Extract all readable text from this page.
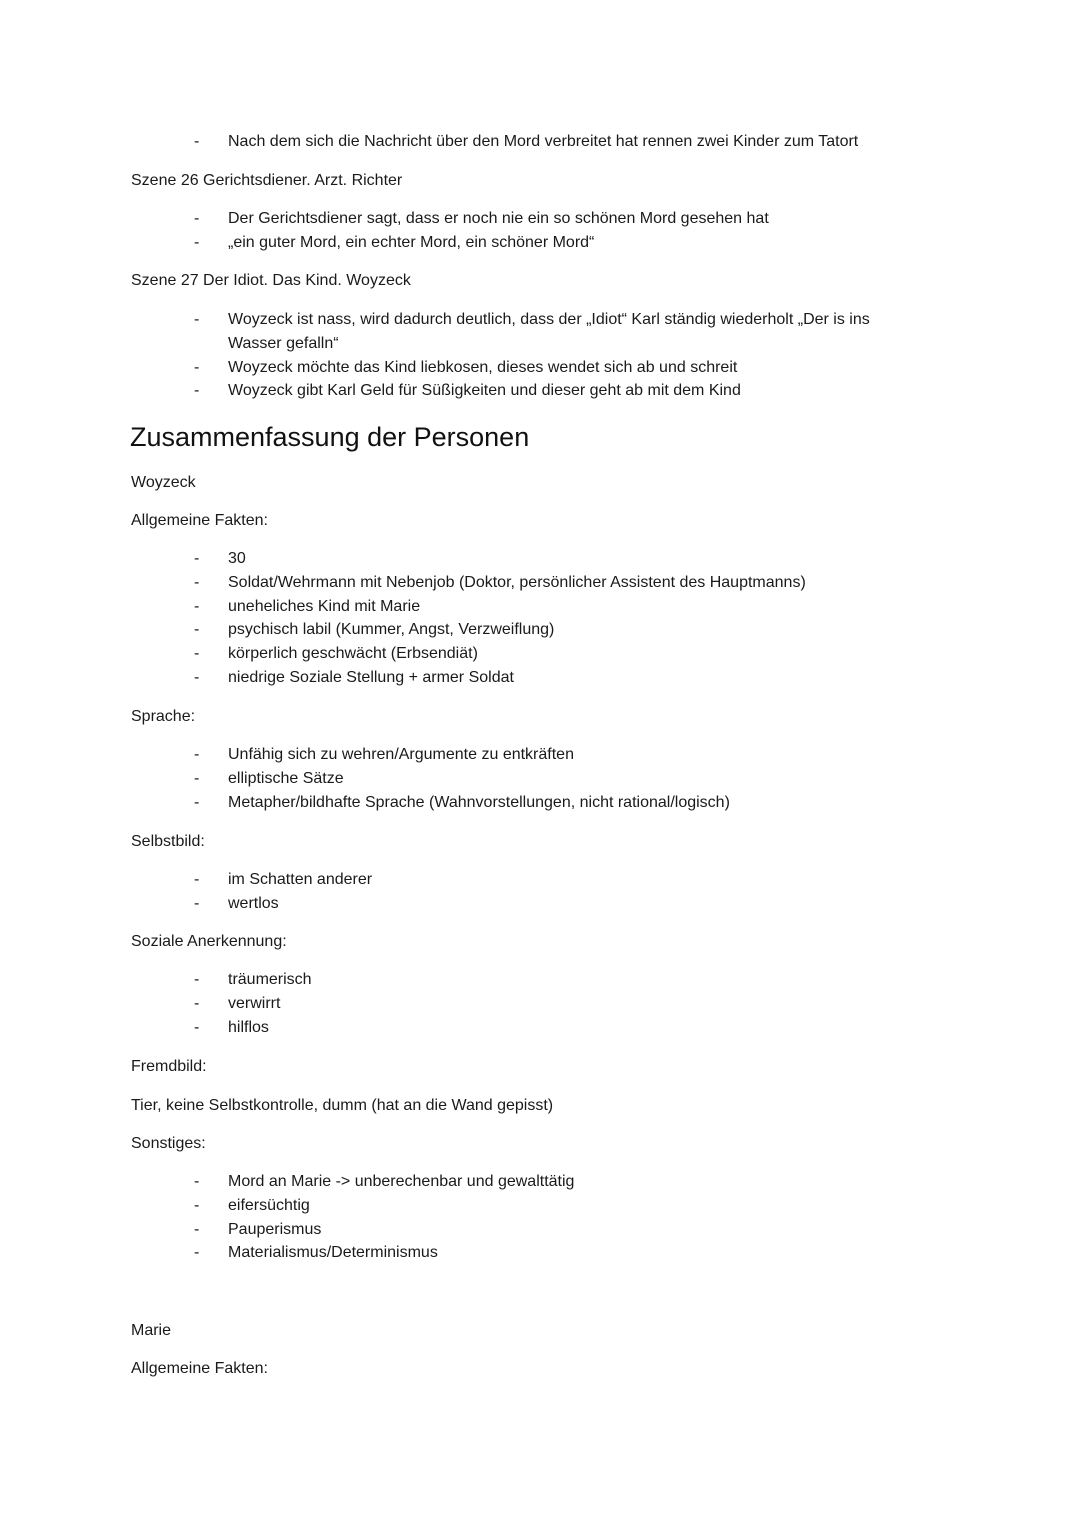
- Nach dem sich die Nachricht über den Mord verbreitet hat rennen zwei Kinder zum Tatort
Szene 26 Gerichtsdiener. Arzt. Richter
- Der Gerichtsdiener sagt, dass er noch nie ein so schönen Mord gesehen hat
- „ein guter Mord, ein echter Mord, ein schöner Mord“
Szene 27 Der Idiot. Das Kind. Woyzeck
- Woyzeck ist nass, wird dadurch deutlich, dass der „Idiot“ Karl ständig wiederholt „Der is ins Wasser gefalln“
- Woyzeck möchte das Kind liebkosen, dieses wendet sich ab und schreit
- Woyzeck gibt Karl Geld für Süßigkeiten und dieser geht ab mit dem Kind
Zusammenfassung der Personen
Woyzeck
Allgemeine Fakten:
- 30
- Soldat/Wehrmann mit Nebenjob (Doktor, persönlicher Assistent des Hauptmanns)
- uneheliches Kind mit Marie
- psychisch labil (Kummer, Angst, Verzweiflung)
- körperlich geschwächt (Erbsendiät)
- niedrige Soziale Stellung + armer Soldat
Sprache:
- Unfähig sich zu wehren/Argumente zu entkräften
- elliptische Sätze
- Metapher/bildhafte Sprache (Wahnvorstellungen, nicht rational/logisch)
Selbstbild:
- im Schatten anderer
- wertlos
Soziale Anerkennung:
- träumerisch
- verwirrt
- hilflos
Fremdbild:
Tier, keine Selbstkontrolle, dumm (hat an die Wand gepisst)
Sonstiges:
- Mord an Marie -> unberechenbar und gewalttätig
- eifersüchtig
- Pauperismus
- Materialismus/Determinismus
Marie
Allgemeine Fakten:
